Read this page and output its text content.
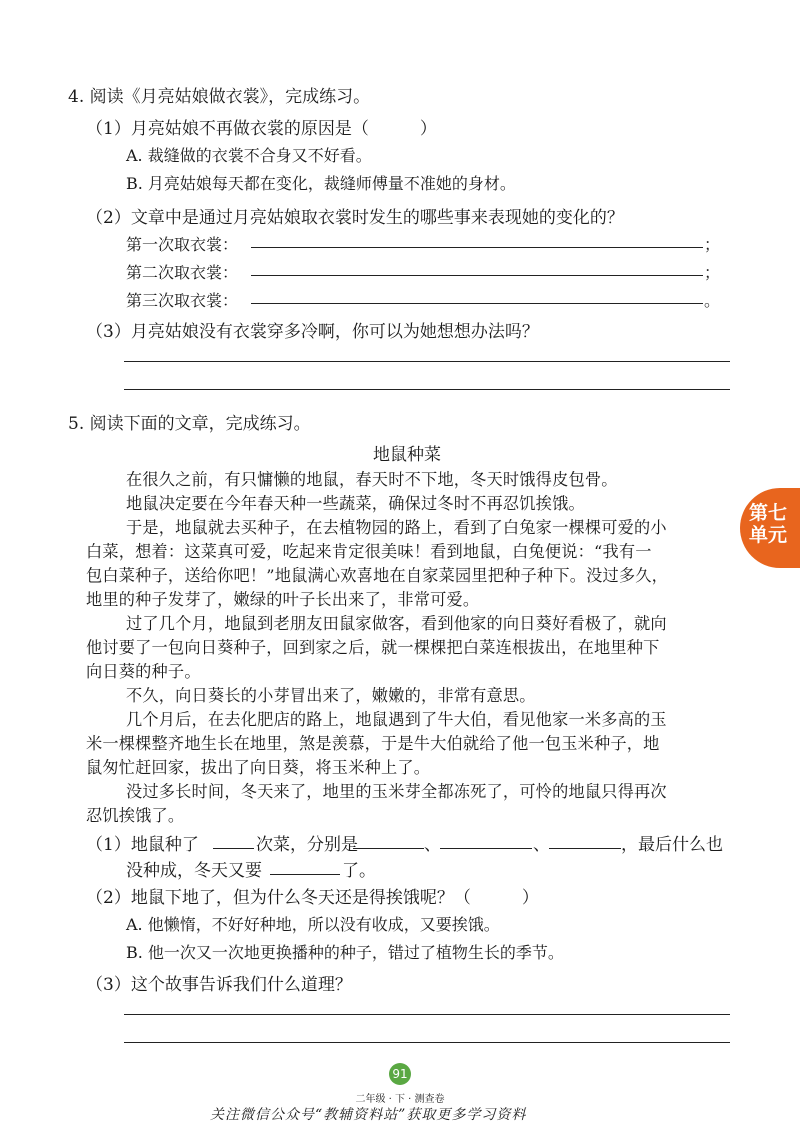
4. 阅读《月亮姑娘做衣裳》，完成练习。
（1）月亮姑娘不再做衣裳的原因是（　　　）
A. 裁缝做的衣裳不合身又不好看。
B. 月亮姑娘每天都在变化，裁缝师傅量不准她的身材。
（2）文章中是通过月亮姑娘取衣裳时发生的哪些事来表现她的变化的？
第一次取衣裳：	；
第二次取衣裳：	；
第三次取衣裳：	。
（3）月亮姑娘没有衣裳穿多冷啊，你可以为她想想办法吗？
5. 阅读下面的文章，完成练习。
地鼠种菜
在很久之前，有只慵懒的地鼠，春天时不下地，冬天时饿得皮包骨。
地鼠决定要在今年春天种一些蔬菜，确保过冬时不再忍饥挨饿。
于是，地鼠就去买种子，在去植物园的路上，看到了白兔家一棵棵可爱的小
白菜，想着：这菜真可爱，吃起来肯定很美味！看到地鼠，白兔便说：“我有一
包白菜种子，送给你吧！”地鼠满心欢喜地在自家菜园里把种子种下。没过多久，
地里的种子发芽了，嫩绿的叶子长出来了，非常可爱。
过了几个月，地鼠到老朋友田鼠家做客，看到他家的向日葵好看极了，就向
他讨要了一包向日葵种子，回到家之后，就一棵棵把白菜连根拔出，在地里种下
向日葵的种子。
不久，向日葵长的小芽冒出来了，嫩嫩的，非常有意思。
几个月后，在去化肥店的路上，地鼠遇到了牛大伯，看见他家一米多高的玉
米一棵棵整齐地生长在地里，煞是羡慕，于是牛大伯就给了他一包玉米种子，地
鼠匆忙赶回家，拔出了向日葵，将玉米种上了。
没过多长时间，冬天来了，地里的玉米芽全都冻死了，可怜的地鼠只得再次
忍饥挨饿了。
（1）地鼠种了	次菜，分别是	、	、	，最后什么也
没种成，冬天又要	了。
（2）地鼠下地了，但为什么冬天还是得挨饿呢？（　　　）
A. 他懒惰，不好好种地，所以没有收成，又要挨饿。
B. 他一次又一次地更换播种的种子，错过了植物生长的季节。
（3）这个故事告诉我们什么道理？
第七
单元
91
二年级 · 下 · 测查卷
关注微信公众号“教辅资料站”获取更多学习资料
